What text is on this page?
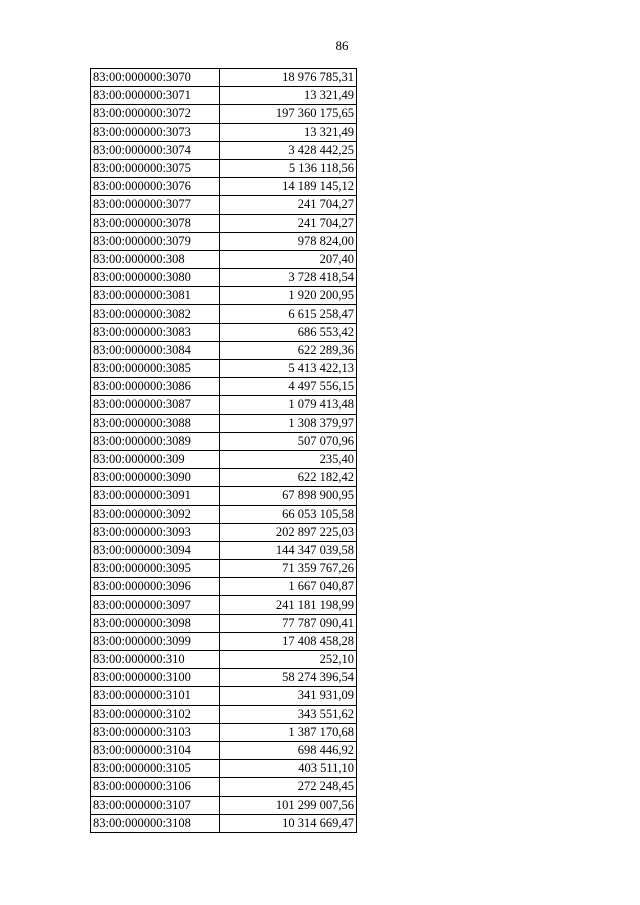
86
83:00:000000:3070	18 976 785,31
83:00:000000:3071	13 321,49
83:00:000000:3072	197 360 175,65
83:00:000000:3073	13 321,49
83:00:000000:3074	3 428 442,25
83:00:000000:3075	5 136 118,56
83:00:000000:3076	14 189 145,12
83:00:000000:3077	241 704,27
83:00:000000:3078	241 704,27
83:00:000000:3079	978 824,00
83:00:000000:308	207,40
83:00:000000:3080	3 728 418,54
83:00:000000:3081	1 920 200,95
83:00:000000:3082	6 615 258,47
83:00:000000:3083	686 553,42
83:00:000000:3084	622 289,36
83:00:000000:3085	5 413 422,13
83:00:000000:3086	4 497 556,15
83:00:000000:3087	1 079 413,48
83:00:000000:3088	1 308 379,97
83:00:000000:3089	507 070,96
83:00:000000:309	235,40
83:00:000000:3090	622 182,42
83:00:000000:3091	67 898 900,95
83:00:000000:3092	66 053 105,58
83:00:000000:3093	202 897 225,03
83:00:000000:3094	144 347 039,58
83:00:000000:3095	71 359 767,26
83:00:000000:3096	1 667 040,87
83:00:000000:3097	241 181 198,99
83:00:000000:3098	77 787 090,41
83:00:000000:3099	17 408 458,28
83:00:000000:310	252,10
83:00:000000:3100	58 274 396,54
83:00:000000:3101	341 931,09
83:00:000000:3102	343 551,62
83:00:000000:3103	1 387 170,68
83:00:000000:3104	698 446,92
83:00:000000:3105	403 511,10
83:00:000000:3106	272 248,45
83:00:000000:3107	101 299 007,56
83:00:000000:3108	10 314 669,47
